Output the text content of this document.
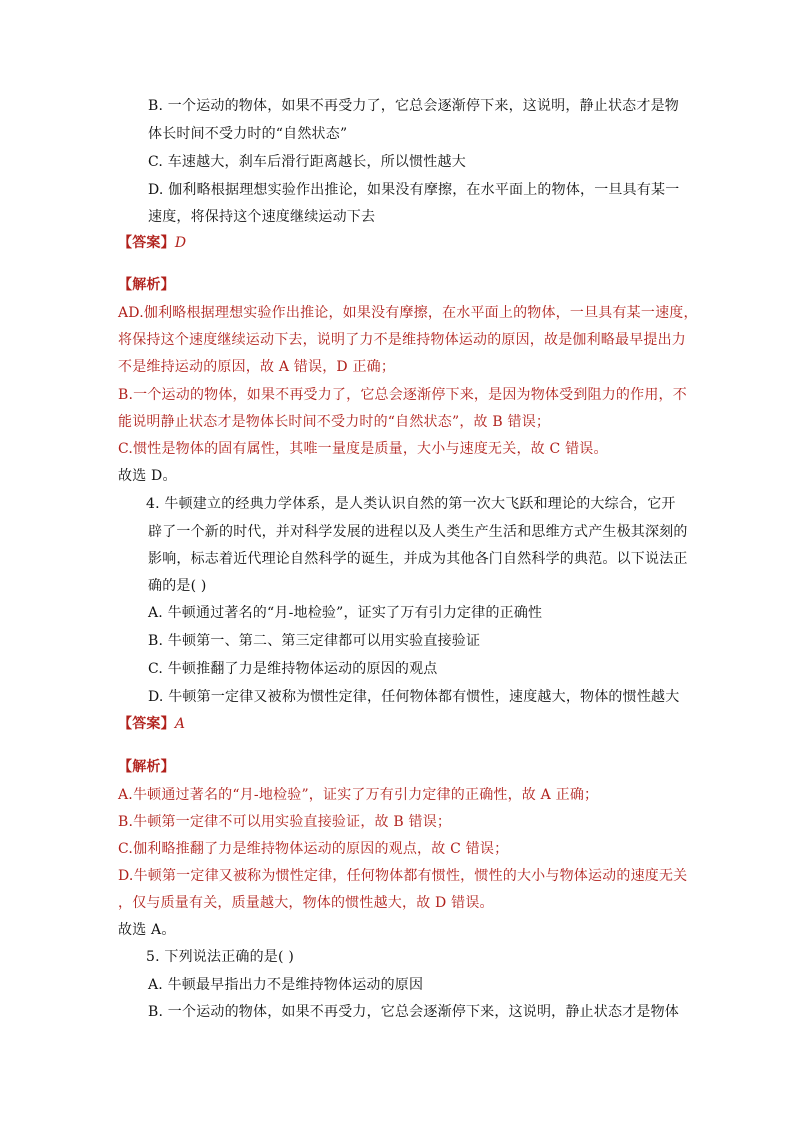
B. 一个运动的物体，如果不再受力了，它总会逐渐停下来，这说明，静止状态才是物
体长时间不受力时的“自然状态”
C. 车速越大，刹车后滑行距离越长，所以惯性越大
D. 伽利略根据理想实验作出推论，如果没有摩擦，在水平面上的物体，一旦具有某一
速度，将保持这个速度继续运动下去
【答案】D
【解析】
AD.伽利略根据理想实验作出推论，如果没有摩擦，在水平面上的物体，一旦具有某一速度，
将保持这个速度继续运动下去，说明了力不是维持物体运动的原因，故是伽利略最早提出力
不是维持运动的原因，故 A 错误，D 正确；
B.一个运动的物体，如果不再受力了，它总会逐渐停下来，是因为物体受到阻力的作用，不
能说明静止状态才是物体长时间不受力时的“自然状态”，故 B 错误；
C.惯性是物体的固有属性，其唯一量度是质量，大小与速度无关，故 C 错误。
故选 D。
4. 牛顿建立的经典力学体系，是人类认识自然的第一次大飞跃和理论的大综合，它开
辟了一个新的时代，并对科学发展的进程以及人类生产生活和思维方式产生极其深刻的
影响，标志着近代理论自然科学的诞生，并成为其他各门自然科学的典范。以下说法正
确的是( )
A. 牛顿通过著名的“月-地检验”，证实了万有引力定律的正确性
B. 牛顿第一、第二、第三定律都可以用实验直接验证
C. 牛顿推翻了力是维持物体运动的原因的观点
D. 牛顿第一定律又被称为惯性定律，任何物体都有惯性，速度越大，物体的惯性越大
【答案】A
【解析】
A.牛顿通过著名的“月-地检验”，证实了万有引力定律的正确性，故 A 正确；
B.牛顿第一定律不可以用实验直接验证，故 B 错误；
C.伽利略推翻了力是维持物体运动的原因的观点，故 C 错误；
D.牛顿第一定律又被称为惯性定律，任何物体都有惯性，惯性的大小与物体运动的速度无关
，仅与质量有关，质量越大，物体的惯性越大，故 D 错误。
故选 A。
5. 下列说法正确的是( )
A. 牛顿最早指出力不是维持物体运动的原因
B. 一个运动的物体，如果不再受力，它总会逐渐停下来，这说明，静止状态才是物体
